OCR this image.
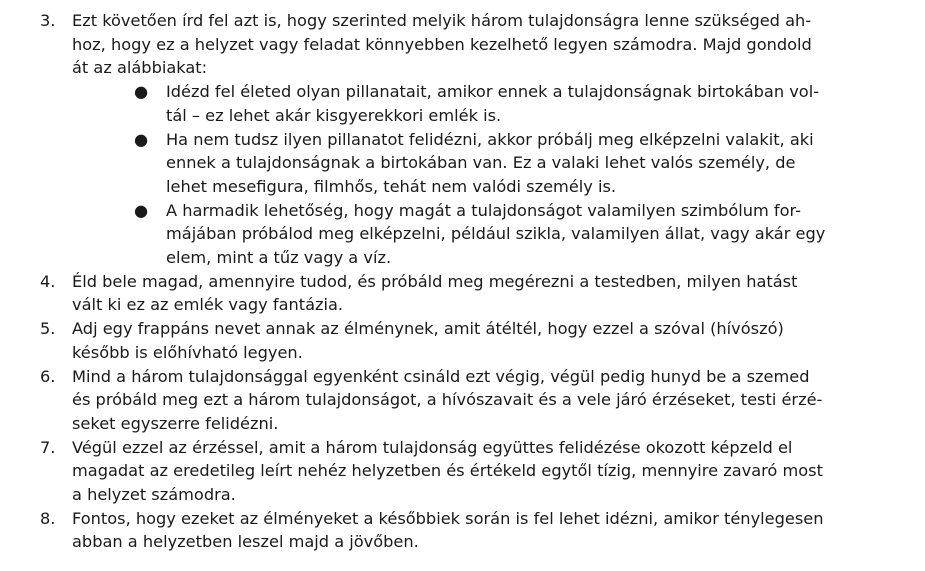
3. Ezt követően írd fel azt is, hogy szerinted melyik három tulajdonságra lenne szükséged ah-
hoz, hogy ez a helyzet vagy feladat könnyebben kezelhető legyen számodra. Majd gondold
át az alábbiakat:
● Idézd fel életed olyan pillanatait, amikor ennek a tulajdonságnak birtokában vol-
tál – ez lehet akár kisgyerekkori emlék is.
● Ha nem tudsz ilyen pillanatot felidézni, akkor próbálj meg elképzelni valakit, aki
ennek a tulajdonságnak a birtokában van. Ez a valaki lehet valós személy, de
lehet mesefigura, filmhős, tehát nem valódi személy is.
● A harmadik lehetőség, hogy magát a tulajdonságot valamilyen szimbólum for-
májában próbálod meg elképzelni, például szikla, valamilyen állat, vagy akár egy
elem, mint a tűz vagy a víz.
4. Éld bele magad, amennyire tudod, és próbáld meg megérezni a testedben, milyen hatást
vált ki ez az emlék vagy fantázia.
5. Adj egy frappáns nevet annak az élménynek, amit átéltél, hogy ezzel a szóval (hívószó)
később is előhívható legyen.
6. Mind a három tulajdonsággal egyenként csináld ezt végig, végül pedig hunyd be a szemed
és próbáld meg ezt a három tulajdonságot, a hívószavait és a vele járó érzéseket, testi érzé-
seket egyszerre felidézni.
7. Végül ezzel az érzéssel, amit a három tulajdonság együttes felidézése okozott képzeld el
magadat az eredetileg leírt nehéz helyzetben és értékeld egytől tízig, mennyire zavaró most
a helyzet számodra.
8. Fontos, hogy ezeket az élményeket a későbbiek során is fel lehet idézni, amikor ténylegesen
abban a helyzetben leszel majd a jövőben.
